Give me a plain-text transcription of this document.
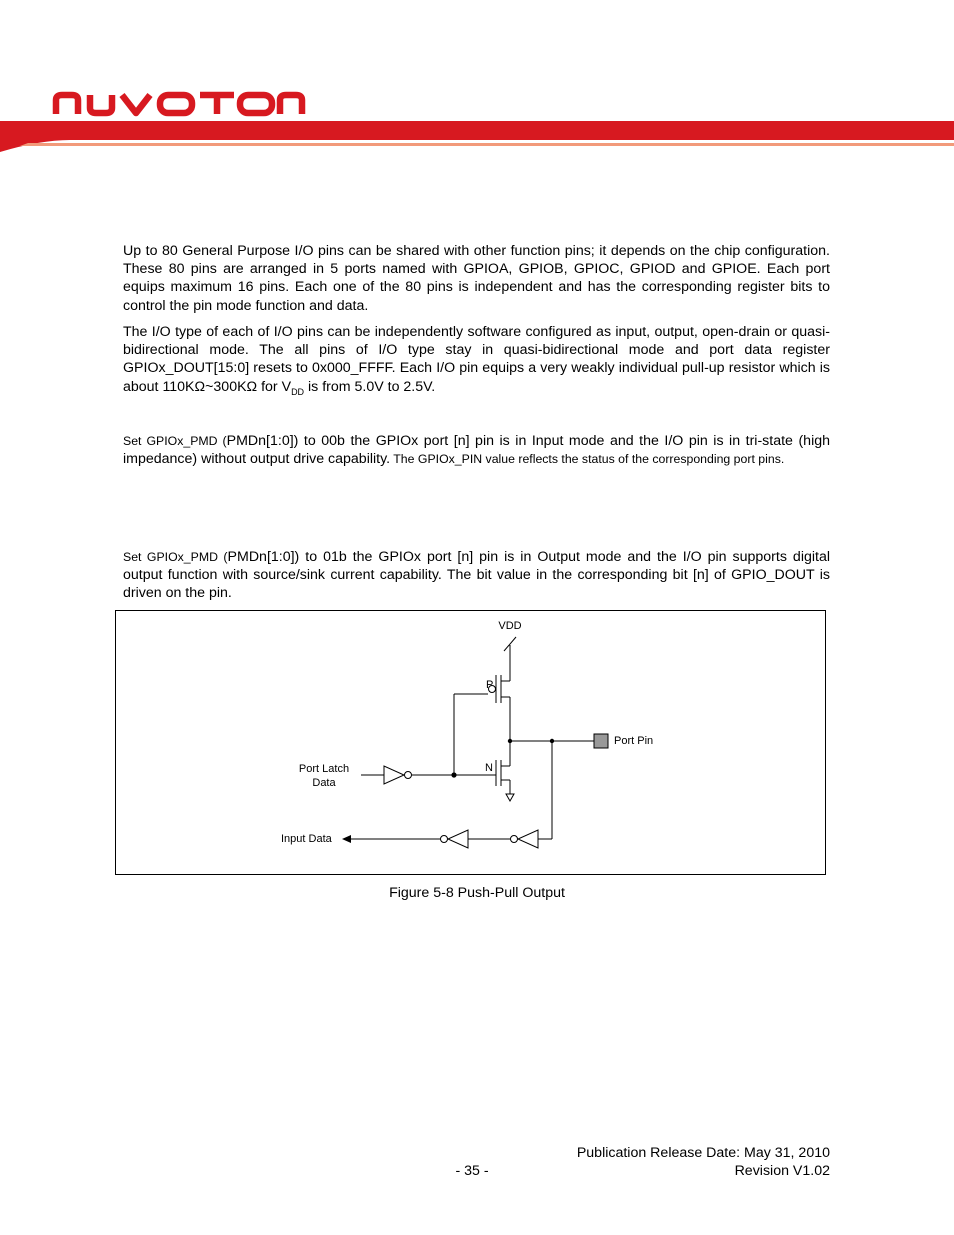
Up to 80 General Purpose I/O pins can be shared with other function pins; it depends on the chip configuration. These 80 pins are arranged in 5 ports named with GPIOA, GPIOB, GPIOC, GPIOD and GPIOE. Each port equips maximum 16 pins. Each one of the 80 pins is independent and has the corresponding register bits to control the pin mode function and data.
The I/O type of each of I/O pins can be independently software configured as input, output, open-drain or quasi-bidirectional mode. The all pins of I/O type stay in quasi-bidirectional mode and port data register GPIOx_DOUT[15:0] resets to 0x000_FFFF. Each I/O pin equips a very weakly individual pull-up resistor which is about 110KΩ~300KΩ for $V_{DD}$ is from 5.0V to 2.5V.
Set GPIOx_PMD (PMDn[1:0]) to 00b the GPIOx port [n] pin is in Input mode and the I/O pin is in tri-state (high impedance) without output drive capability. The GPIOx_PIN value reflects the status of the corresponding port pins.
Set GPIOx_PMD (PMDn[1:0]) to 01b the GPIOx port [n] pin is in Output mode and the I/O pin supports digital output function with source/sink current capability. The bit value in the corresponding bit [n] of GPIO_DOUT is driven on the pin.
VDD
P
N
Port Pin
Port Latch
Data
Input Data
Figure 5-8 Push-Pull Output
Publication Release Date: May 31, 2010
- 35 -	Revision V1.02
